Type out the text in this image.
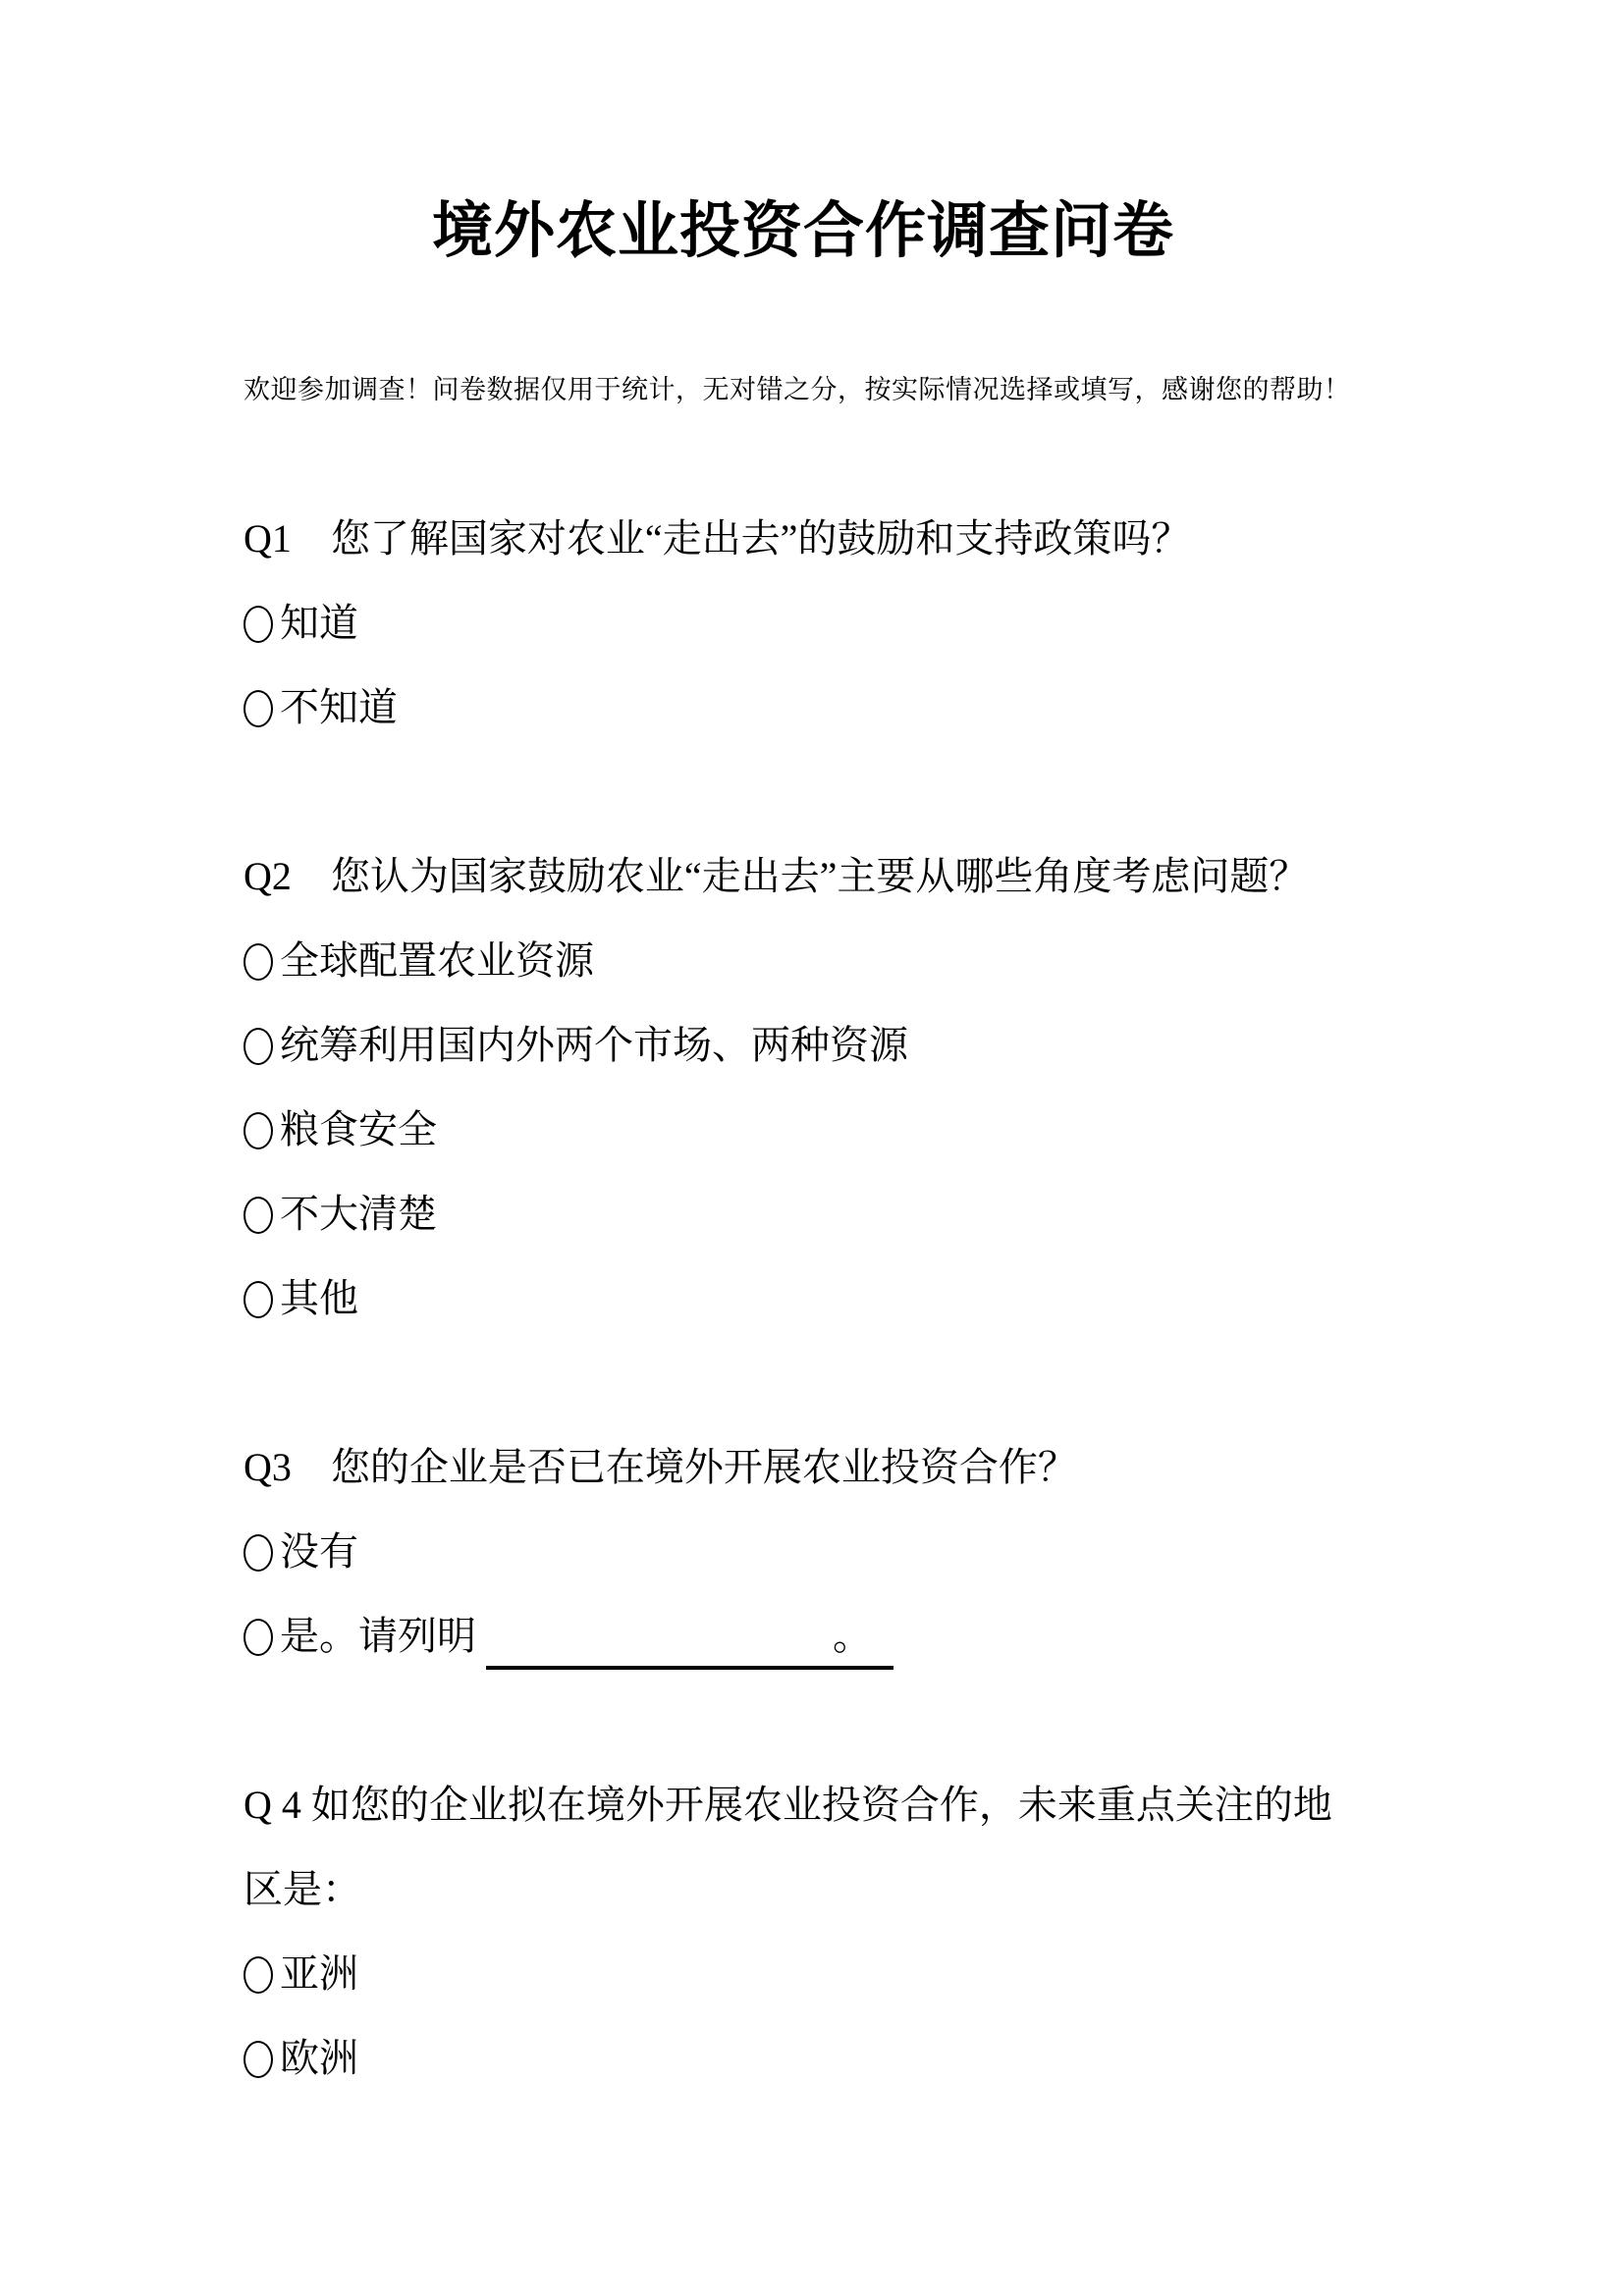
境外农业投资合作调查问卷

欢迎参加调查！问卷数据仅用于统计，无对错之分，按实际情况选择或填写，感谢您的帮助！

Q1　您了解国家对农业“走出去”的鼓励和支持政策吗？

知道

不知道

Q2　您认为国家鼓励农业“走出去”主要从哪些角度考虑问题？

全球配置农业资源

统筹利用国内外两个市场、两种资源

粮食安全

不大清楚

其他

Q3　您的企业是否已在境外开展农业投资合作？

没有

是。请列明	。

Q 4 如您的企业拟在境外开展农业投资合作，未来重点关注的地区是：

亚洲

欧洲
